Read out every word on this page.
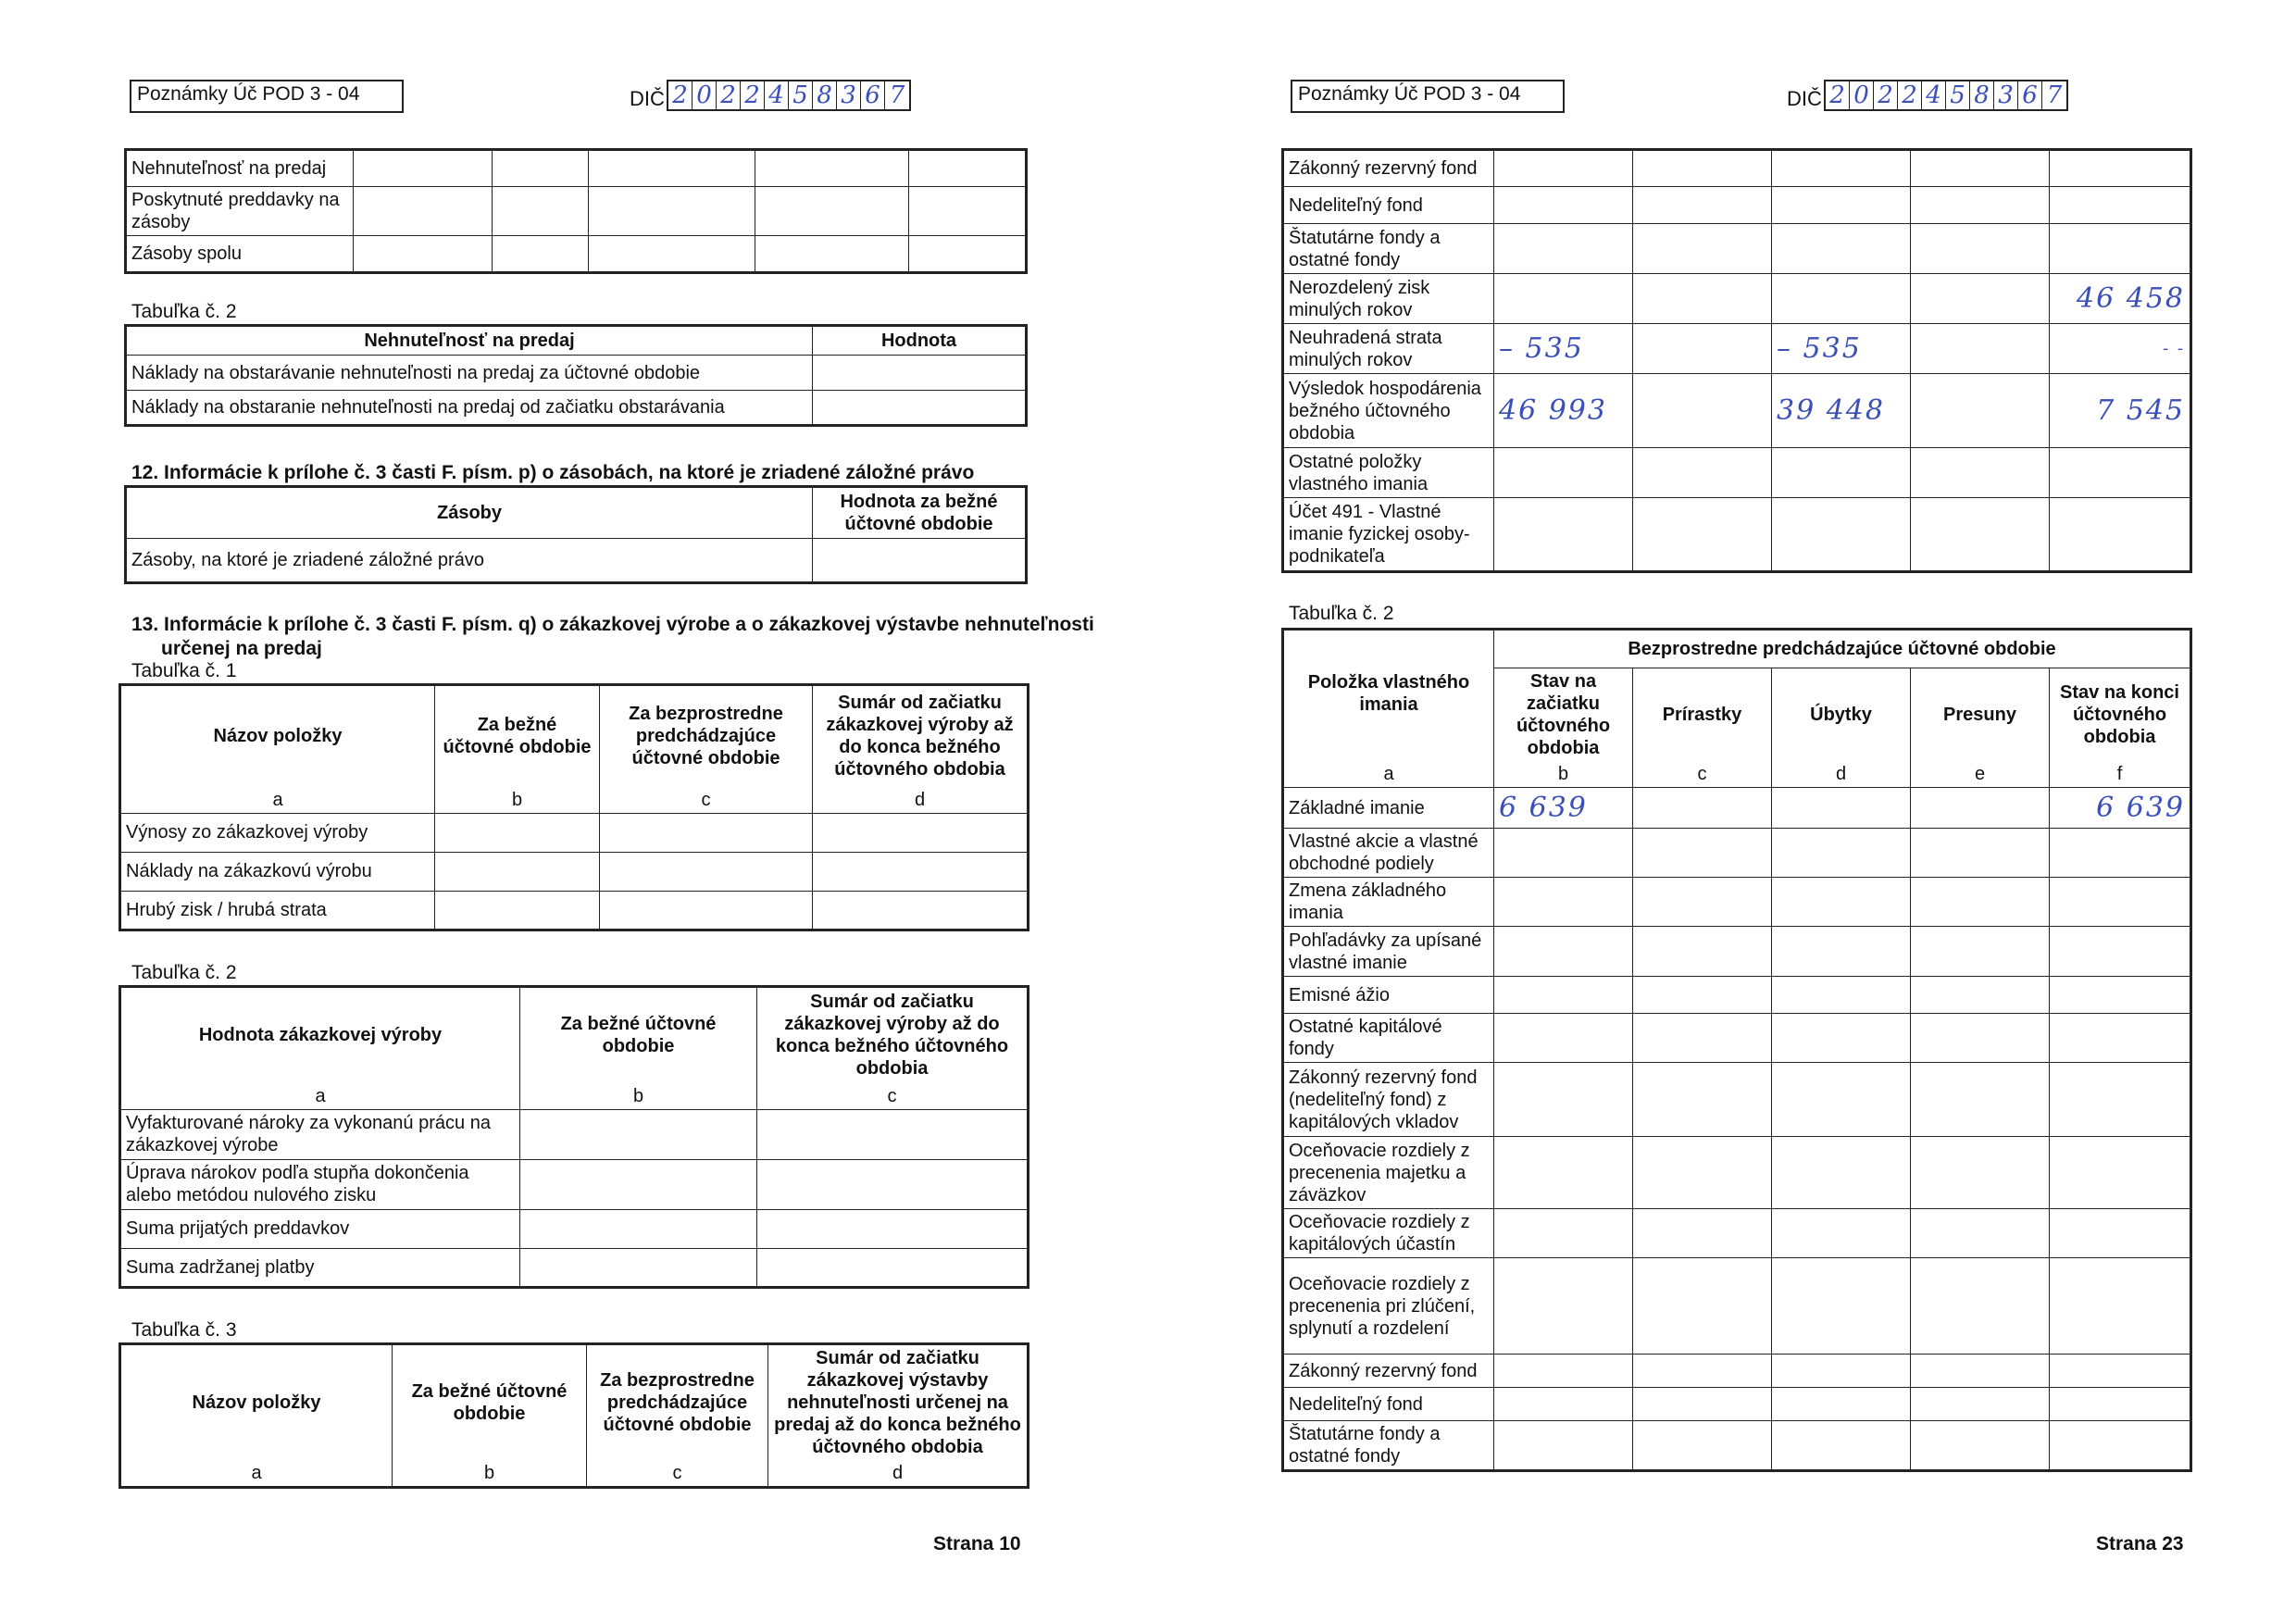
Poznámky Úč POD 3 - 04	DIČ 2 0 2 2 4 5 8 3 6 7
Nehnuteľnosť na predaj					
Poskytnuté preddavky na zásoby					
Zásoby spolu					
Tabuľka č. 2
Nehnuteľnosť na predaj	Hodnota
Náklady na obstarávanie nehnuteľnosti na predaj za účtovné obdobie	
Náklady na obstaranie nehnuteľnosti na predaj od začiatku obstarávania	
12. Informácie k prílohe č. 3 časti F. písm. p) o zásobách, na ktoré je zriadené záložné právo
Zásoby	Hodnota za bežné účtovné obdobie
Zásoby, na ktoré je zriadené záložné právo	
13. Informácie k prílohe č. 3 časti F. písm. q) o zákazkovej výrobe a o zákazkovej výstavbe nehnuteľnosti
určenej na predaj
Tabuľka č. 1
Názov položky	Za bežné účtovné obdobie	Za bezprostredne predchádzajúce účtovné obdobie	Sumár od začiatku zákazkovej výroby až do konca bežného účtovného obdobia
a	b	c	d
Výnosy zo zákazkovej výroby			
Náklady na zákazkovú výrobu			
Hrubý zisk / hrubá strata			
Tabuľka č. 2
Hodnota zákazkovej výroby	Za bežné účtovné obdobie	Sumár od začiatku zákazkovej výroby až do konca bežného účtovného obdobia
a	b	c
Vyfakturované nároky za vykonanú prácu na zákazkovej výrobe		
Úprava nárokov podľa stupňa dokončenia alebo metódou nulového zisku		
Suma prijatých preddavkov		
Suma zadržanej platby		
Tabuľka č. 3
Názov položky	Za bežné účtovné obdobie	Za bezprostredne predchádzajúce účtovné obdobie	Sumár od začiatku zákazkovej výstavby nehnuteľnosti určenej na predaj až do konca bežného účtovného obdobia
a	b	c	d
Strana 10
Poznámky Úč POD 3 - 04	DIČ 2 0 2 2 4 5 8 3 6 7
Zákonný rezervný fond					
Nedeliteľný fond					
Štatutárne fondy a ostatné fondy					
Nerozdelený zisk minulých rokov					46 458
Neuhradená strata minulých rokov	– 535		– 535		- -
Výsledok hospodárenia bežného účtovného obdobia	46 993		39 448		7 545
Ostatné položky vlastného imania					
Účet 491 - Vlastné imanie fyzickej osoby-podnikateľa					
Tabuľka č. 2
Položka vlastného imania	Bezprostredne predchádzajúce účtovné obdobie				
	Stav na začiatku účtovného obdobia	Prírastky	Úbytky	Presuny	Stav na konci účtovného obdobia
a	b	c	d	e	f
Základné imanie	6 639				6 639
Vlastné akcie a vlastné obchodné podiely					
Zmena základného imania					
Pohľadávky za upísané vlastné imanie					
Emisné ážio					
Ostatné kapitálové fondy					
Zákonný rezervný fond (nedeliteľný fond) z kapitálových vkladov					
Oceňovacie rozdiely z precenenia majetku a záväzkov					
Oceňovacie rozdiely z kapitálových účastín					
Oceňovacie rozdiely z precenenia pri zlúčení, splynutí a rozdelení					
Zákonný rezervný fond					
Nedeliteľný fond					
Štatutárne fondy a ostatné fondy					
Strana 23
